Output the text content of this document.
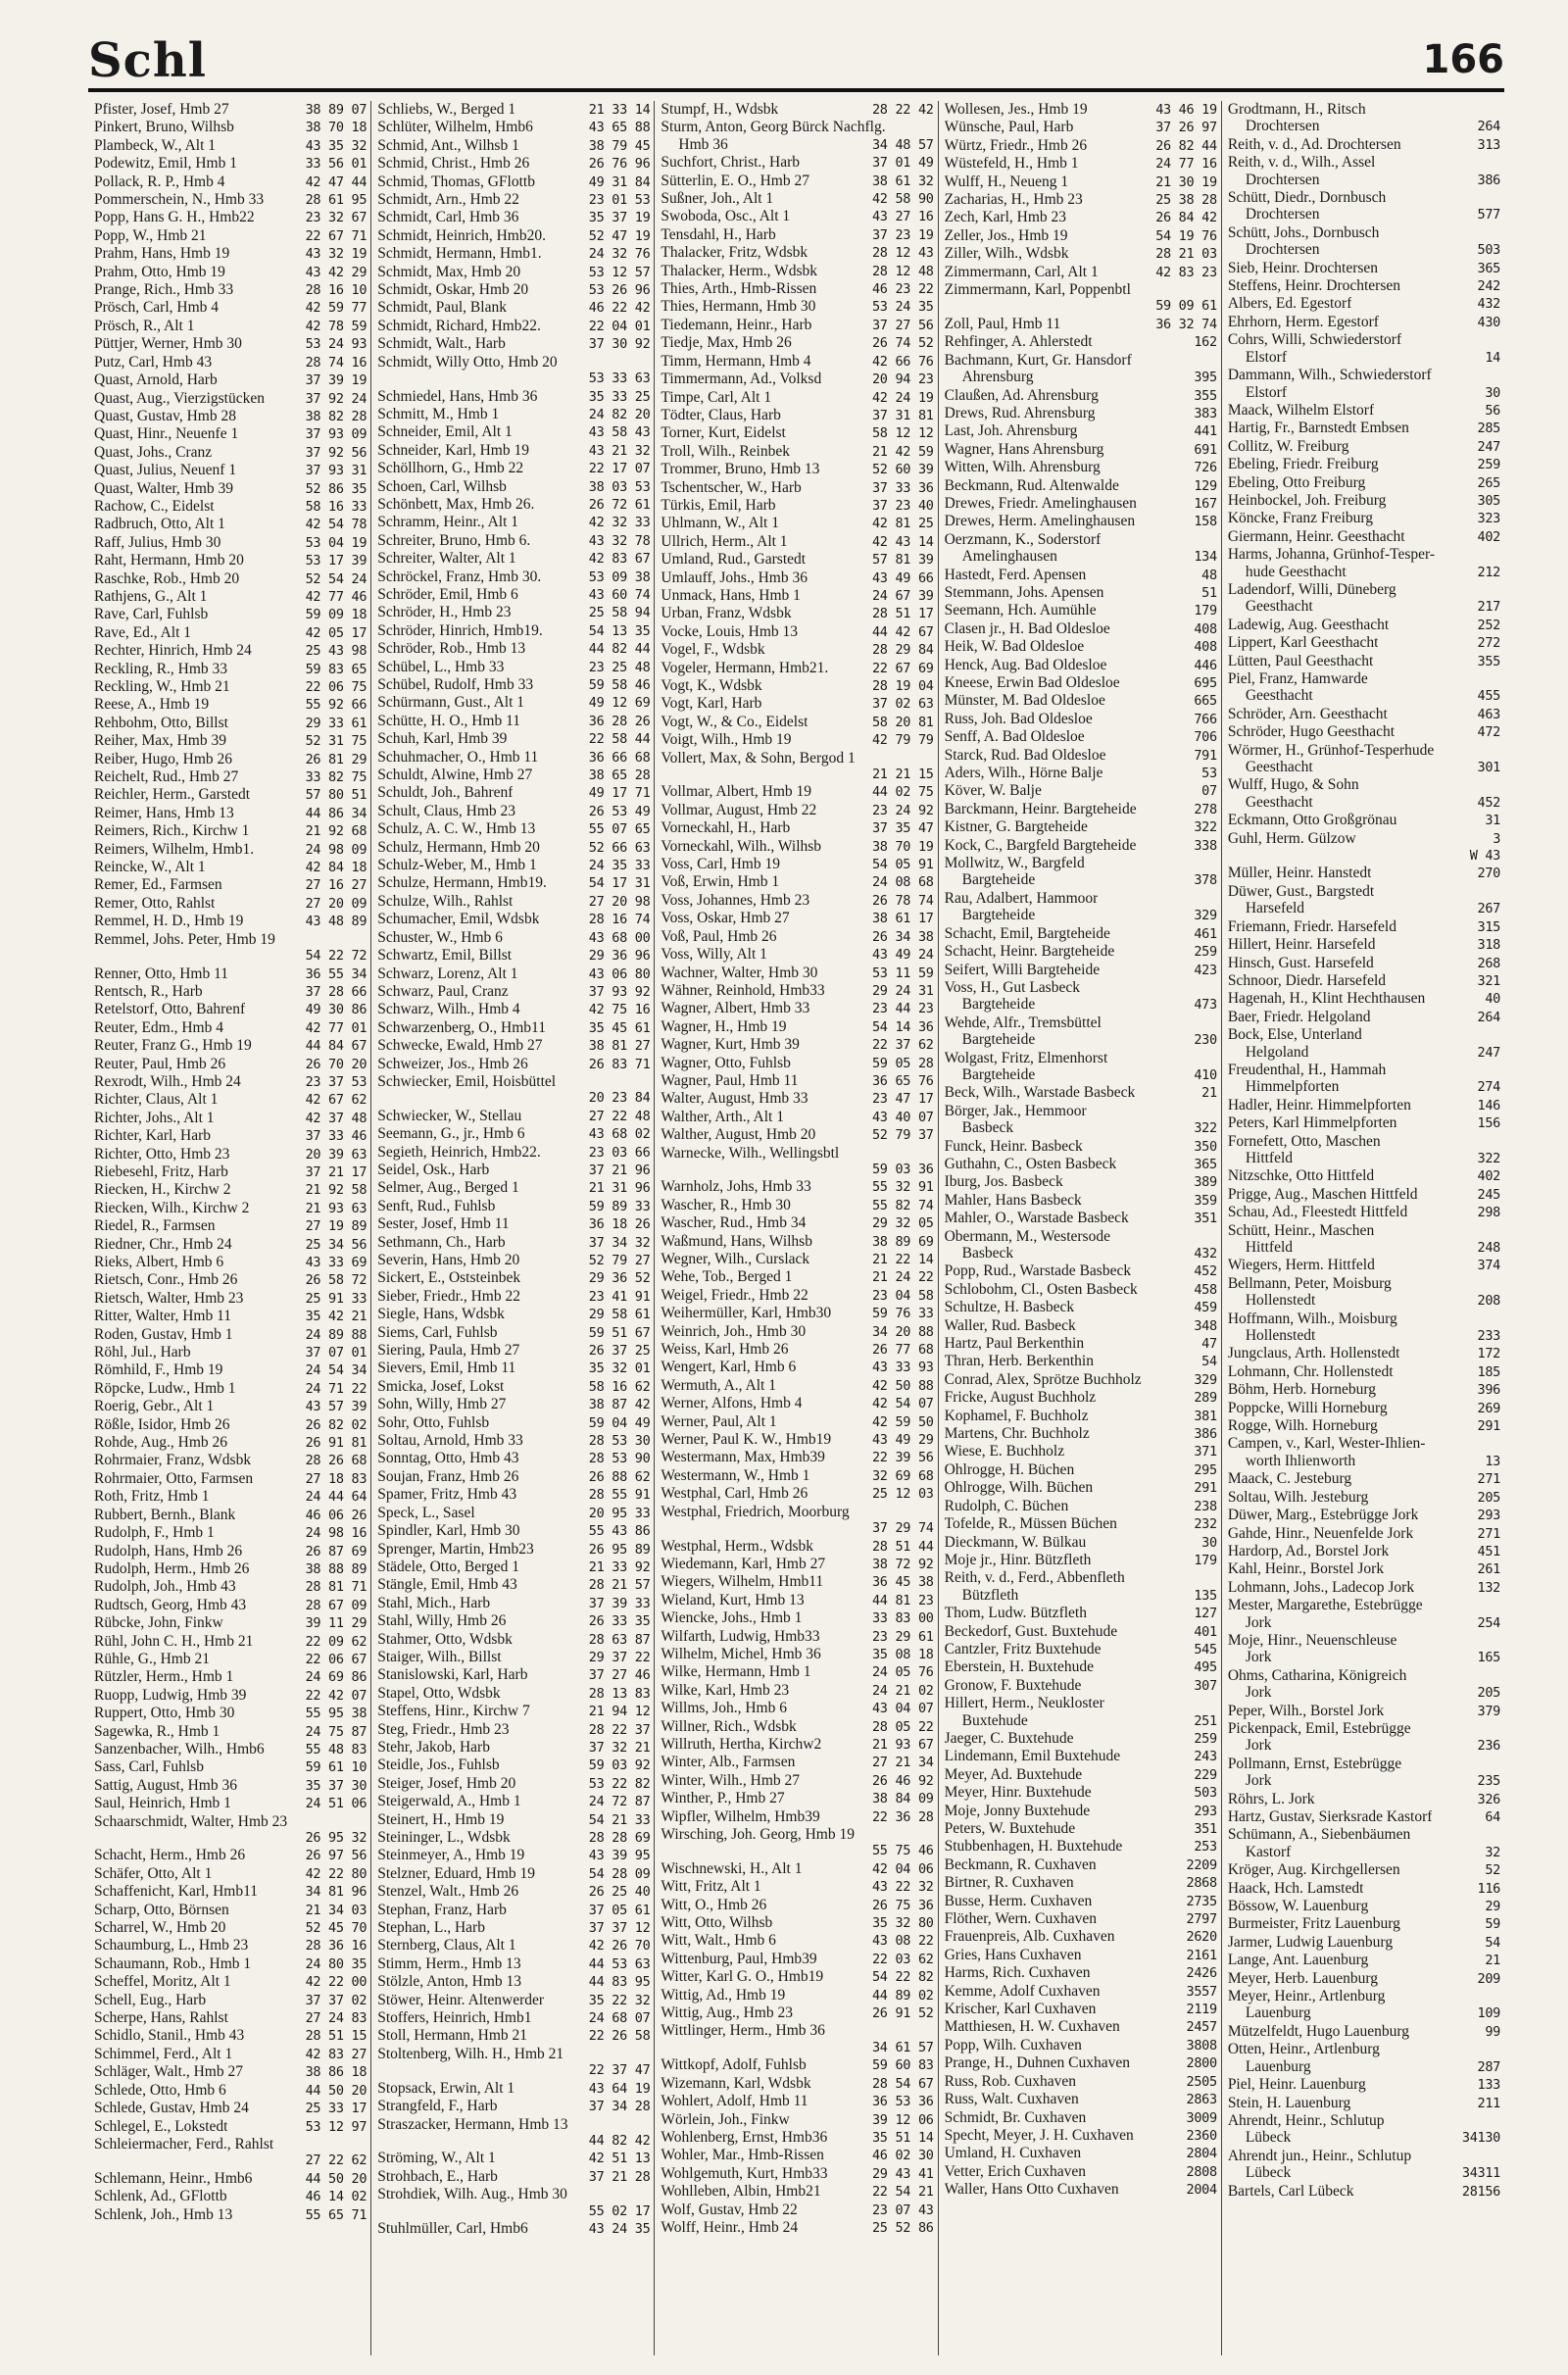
Schl	166
Pfister, Josef, Hmb 27	38 89 07
Pinkert, Bruno, Wilhsb	38 70 18
Plambeck, W., Alt 1	43 35 32
Podewitz, Emil, Hmb 1	33 56 01
Pollack, R. P., Hmb 4	42 47 44
Pommerschein, N., Hmb 33	28 61 95
Popp, Hans G. H., Hmb22	23 32 67
Popp, W., Hmb 21	22 67 71
Prahm, Hans, Hmb 19	43 32 19
Prahm, Otto, Hmb 19	43 42 29
Prange, Rich., Hmb 33	28 16 10
Prösch, Carl, Hmb 4	42 59 77
Prösch, R., Alt 1	42 78 59
Püttjer, Werner, Hmb 30	53 24 93
Putz, Carl, Hmb 43	28 74 16
Quast, Arnold, Harb	37 39 19
Quast, Aug., Vierzigstücken	37 92 24
Quast, Gustav, Hmb 28	38 82 28
Quast, Hinr., Neuenfe 1	37 93 09
Quast, Johs., Cranz	37 92 56
Quast, Julius, Neuenf 1	37 93 31
Quast, Walter, Hmb 39	52 86 35
Rachow, C., Eidelst	58 16 33
Radbruch, Otto, Alt 1	42 54 78
Raff, Julius, Hmb 30	53 04 19
Raht, Hermann, Hmb 20	53 17 39
Raschke, Rob., Hmb 20	52 54 24
Rathjens, G., Alt 1	42 77 46
Rave, Carl, Fuhlsb	59 09 18
Rave, Ed., Alt 1	42 05 17
Rechter, Hinrich, Hmb 24	25 43 98
Reckling, R., Hmb 33	59 83 65
Reckling, W., Hmb 21	22 06 75
Reese, A., Hmb 19	55 92 66
Rehbohm, Otto, Billst	29 33 61
Reiher, Max, Hmb 39	52 31 75
Reiber, Hugo, Hmb 26	26 81 29
Reichelt, Rud., Hmb 27	33 82 75
Reichler, Herm., Garstedt	57 80 51
Reimer, Hans, Hmb 13	44 86 34
Reimers, Rich., Kirchw 1	21 92 68
Reimers, Wilhelm, Hmb1.	24 98 09
Reincke, W., Alt 1	42 84 18
Remer, Ed., Farmsen	27 16 27
Remer, Otto, Rahlst	27 20 09
Remmel, H. D., Hmb 19	43 48 89
Remmel, Johs. Peter, Hmb 19
54 22 72
Renner, Otto, Hmb 11	36 55 34
Rentsch, R., Harb	37 28 66
Retelstorf, Otto, Bahrenf	49 30 86
Reuter, Edm., Hmb 4	42 77 01
Reuter, Franz G., Hmb 19	44 84 67
Reuter, Paul, Hmb 26	26 70 20
Rexrodt, Wilh., Hmb 24	23 37 53
Richter, Claus, Alt 1	42 67 62
Richter, Johs., Alt 1	42 37 48
Richter, Karl, Harb	37 33 46
Richter, Otto, Hmb 23	20 39 63
Riebesehl, Fritz, Harb	37 21 17
Riecken, H., Kirchw 2	21 92 58
Riecken, Wilh., Kirchw 2	21 93 63
Riedel, R., Farmsen	27 19 89
Riedner, Chr., Hmb 24	25 34 56
Rieks, Albert, Hmb 6	43 33 69
Rietsch, Conr., Hmb 26	26 58 72
Rietsch, Walter, Hmb 23	25 91 33
Ritter, Walter, Hmb 11	35 42 21
Roden, Gustav, Hmb 1	24 89 88
Röhl, Jul., Harb	37 07 01
Römhild, F., Hmb 19	24 54 34
Röpcke, Ludw., Hmb 1	24 71 22
Roerig, Gebr., Alt 1	43 57 39
Rößle, Isidor, Hmb 26	26 82 02
Rohde, Aug., Hmb 26	26 91 81
Rohrmaier, Franz, Wdsbk	28 26 68
Rohrmaier, Otto, Farmsen	27 18 83
Roth, Fritz, Hmb 1	24 44 64
Rubbert, Bernh., Blank	46 06 26
Rudolph, F., Hmb 1	24 98 16
Rudolph, Hans, Hmb 26	26 87 69
Rudolph, Herm., Hmb 26	38 88 89
Rudolph, Joh., Hmb 43	28 81 71
Rudtsch, Georg, Hmb 43	28 67 09
Rübcke, John, Finkw	39 11 29
Rühl, John C. H., Hmb 21	22 09 62
Rühle, G., Hmb 21	22 06 67
Rützler, Herm., Hmb 1	24 69 86
Ruopp, Ludwig, Hmb 39	22 42 07
Ruppert, Otto, Hmb 30	55 95 38
Sagewka, R., Hmb 1	24 75 87
Sanzenbacher, Wilh., Hmb6	55 48 83
Sass, Carl, Fuhlsb	59 61 10
Sattig, August, Hmb 36	35 37 30
Saul, Heinrich, Hmb 1	24 51 06
Schaarschmidt, Walter, Hmb 23
26 95 32
Schacht, Herm., Hmb 26	26 97 56
Schäfer, Otto, Alt 1	42 22 80
Schaffenicht, Karl, Hmb11	34 81 96
Scharp, Otto, Börnsen	21 34 03
Scharrel, W., Hmb 20	52 45 70
Schaumburg, L., Hmb 23	28 36 16
Schaumann, Rob., Hmb 1	24 80 35
Scheffel, Moritz, Alt 1	42 22 00
Schell, Eug., Harb	37 37 02
Scherpe, Hans, Rahlst	27 24 83
Schidlo, Stanil., Hmb 43	28 51 15
Schimmel, Ferd., Alt 1	42 83 27
Schläger, Walt., Hmb 27	38 86 18
Schlede, Otto, Hmb 6	44 50 20
Schlede, Gustav, Hmb 24	25 33 17
Schlegel, E., Lokstedt	53 12 97
Schleiermacher, Ferd., Rahlst
27 22 62
Schlemann, Heinr., Hmb6	44 50 20
Schlenk, Ad., GFlottb	46 14 02
Schlenk, Joh., Hmb 13	55 65 71
Schliebs, W., Berged 1	21 33 14
Schlüter, Wilhelm, Hmb6	43 65 88
Schmid, Ant., Wilhsb 1	38 79 45
Schmid, Christ., Hmb 26	26 76 96
Schmid, Thomas, GFlottb	49 31 84
Schmidt, Arn., Hmb 22	23 01 53
Schmidt, Carl, Hmb 36	35 37 19
Schmidt, Heinrich, Hmb20.	52 47 19
Schmidt, Hermann, Hmb1.	24 32 76
Schmidt, Max, Hmb 20	53 12 57
Schmidt, Oskar, Hmb 20	53 26 96
Schmidt, Paul, Blank	46 22 42
Schmidt, Richard, Hmb22.	22 04 01
Schmidt, Walt., Harb	37 30 92
Schmidt, Willy Otto, Hmb 20
53 33 63
Schmiedel, Hans, Hmb 36	35 33 25
Schmitt, M., Hmb 1	24 82 20
Schneider, Emil, Alt 1	43 58 43
Schneider, Karl, Hmb 19	43 21 32
Schöllhorn, G., Hmb 22	22 17 07
Schoen, Carl, Wilhsb	38 03 53
Schönbett, Max, Hmb 26.	26 72 61
Schramm, Heinr., Alt 1	42 32 33
Schreiter, Bruno, Hmb 6.	43 32 78
Schreiter, Walter, Alt 1	42 83 67
Schröckel, Franz, Hmb 30.	53 09 38
Schröder, Emil, Hmb 6	43 60 74
Schröder, H., Hmb 23	25 58 94
Schröder, Hinrich, Hmb19.	54 13 35
Schröder, Rob., Hmb 13	44 82 44
Schübel, L., Hmb 33	23 25 48
Schübel, Rudolf, Hmb 33	59 58 46
Schürmann, Gust., Alt 1	49 12 69
Schütte, H. O., Hmb 11	36 28 26
Schuh, Karl, Hmb 39	22 58 44
Schuhmacher, O., Hmb 11	36 66 68
Schuldt, Alwine, Hmb 27	38 65 28
Schuldt, Joh., Bahrenf	49 17 71
Schult, Claus, Hmb 23	26 53 49
Schulz, A. C. W., Hmb 13	55 07 65
Schulz, Hermann, Hmb 20	52 66 63
Schulz-Weber, M., Hmb 1	24 35 33
Schulze, Hermann, Hmb19.	54 17 31
Schulze, Wilh., Rahlst	27 20 98
Schumacher, Emil, Wdsbk	28 16 74
Schuster, W., Hmb 6	43 68 00
Schwartz, Emil, Billst	29 36 96
Schwarz, Lorenz, Alt 1	43 06 80
Schwarz, Paul, Cranz	37 93 92
Schwarz, Wilh., Hmb 4	42 75 16
Schwarzenberg, O., Hmb11	35 45 61
Schwecke, Ewald, Hmb 27	38 81 27
Schweizer, Jos., Hmb 26	26 83 71
Schwiecker, Emil, Hoisbüttel
20 23 84
Schwiecker, W., Stellau	27 22 48
Seemann, G., jr., Hmb 6	43 68 02
Segieth, Heinrich, Hmb22.	23 03 66
Seidel, Osk., Harb	37 21 96
Selmer, Aug., Berged 1	21 31 96
Senft, Rud., Fuhlsb	59 89 33
Sester, Josef, Hmb 11	36 18 26
Sethmann, Ch., Harb	37 34 32
Severin, Hans, Hmb 20	52 79 27
Sickert, E., Oststeinbek	29 36 52
Sieber, Friedr., Hmb 22	23 41 91
Siegle, Hans, Wdsbk	29 58 61
Siems, Carl, Fuhlsb	59 51 67
Siering, Paula, Hmb 27	26 37 25
Sievers, Emil, Hmb 11	35 32 01
Smicka, Josef, Lokst	58 16 62
Sohn, Willy, Hmb 27	38 87 42
Sohr, Otto, Fuhlsb	59 04 49
Soltau, Arnold, Hmb 33	28 53 30
Sonntag, Otto, Hmb 43	28 53 90
Soujan, Franz, Hmb 26	26 88 62
Spamer, Fritz, Hmb 43	28 55 91
Speck, L., Sasel	20 95 33
Spindler, Karl, Hmb 30	55 43 86
Sprenger, Martin, Hmb23	26 95 89
Städele, Otto, Berged 1	21 33 92
Stängle, Emil, Hmb 43	28 21 57
Stahl, Mich., Harb	37 39 33
Stahl, Willy, Hmb 26	26 33 35
Stahmer, Otto, Wdsbk	28 63 87
Staiger, Wilh., Billst	29 37 22
Stanislowski, Karl, Harb	37 27 46
Stapel, Otto, Wdsbk	28 13 83
Steffens, Hinr., Kirchw 7	21 94 12
Steg, Friedr., Hmb 23	28 22 37
Stehr, Jakob, Harb	37 32 21
Steidle, Jos., Fuhlsb	59 03 92
Steiger, Josef, Hmb 20	53 22 82
Steigerwald, A., Hmb 1	24 72 87
Steinert, H., Hmb 19	54 21 33
Steininger, L., Wdsbk	28 28 69
Steinmeyer, A., Hmb 19	43 39 95
Stelzner, Eduard, Hmb 19	54 28 09
Stenzel, Walt., Hmb 26	26 25 40
Stephan, Franz, Harb	37 05 61
Stephan, L., Harb	37 37 12
Sternberg, Claus, Alt 1	42 26 70
Stimm, Herm., Hmb 13	44 53 63
Stölzle, Anton, Hmb 13	44 83 95
Stöwer, Heinr. Altenwerder	35 22 32
Stoffers, Heinrich, Hmb1	24 68 07
Stoll, Hermann, Hmb 21	22 26 58
Stoltenberg, Wilh. H., Hmb 21
22 37 47
Stopsack, Erwin, Alt 1	43 64 19
Strangfeld, F., Harb	37 34 28
Straszacker, Hermann, Hmb 13
44 82 42
Ströming, W., Alt 1	42 51 13
Strohbach, E., Harb	37 21 28
Strohdiek, Wilh. Aug., Hmb 30
55 02 17
Stuhlmüller, Carl, Hmb6	43 24 35
Stumpf, H., Wdsbk	28 22 42
Sturm, Anton, Georg Bürck Nachflg.
Hmb 36	34 48 57
Suchfort, Christ., Harb	37 01 49
Sütterlin, E. O., Hmb 27	38 61 32
Sußner, Joh., Alt 1	42 58 90
Swoboda, Osc., Alt 1	43 27 16
Tensdahl, H., Harb	37 23 19
Thalacker, Fritz, Wdsbk	28 12 43
Thalacker, Herm., Wdsbk	28 12 48
Thies, Arth., Hmb-Rissen	46 23 22
Thies, Hermann, Hmb 30	53 24 35
Tiedemann, Heinr., Harb	37 27 56
Tiedje, Max, Hmb 26	26 74 52
Timm, Hermann, Hmb 4	42 66 76
Timmermann, Ad., Volksd	20 94 23
Timpe, Carl, Alt 1	42 24 19
Tödter, Claus, Harb	37 31 81
Torner, Kurt, Eidelst	58 12 12
Troll, Wilh., Reinbek	21 42 59
Trommer, Bruno, Hmb 13	52 60 39
Tschentscher, W., Harb	37 33 36
Türkis, Emil, Harb	37 23 40
Uhlmann, W., Alt 1	42 81 25
Ullrich, Herm., Alt 1	42 43 14
Umland, Rud., Garstedt	57 81 39
Umlauff, Johs., Hmb 36	43 49 66
Unmack, Hans, Hmb 1	24 67 39
Urban, Franz, Wdsbk	28 51 17
Vocke, Louis, Hmb 13	44 42 67
Vogel, F., Wdsbk	28 29 84
Vogeler, Hermann, Hmb21.	22 67 69
Vogt, K., Wdsbk	28 19 04
Vogt, Karl, Harb	37 02 63
Vogt, W., & Co., Eidelst	58 20 81
Voigt, Wilh., Hmb 19	42 79 79
Vollert, Max, & Sohn, Bergod 1
21 21 15
Vollmar, Albert, Hmb 19	44 02 75
Vollmar, August, Hmb 22	23 24 92
Vorneckahl, H., Harb	37 35 47
Vorneckahl, Wilh., Wilhsb	38 70 19
Voss, Carl, Hmb 19	54 05 91
Voß, Erwin, Hmb 1	24 08 68
Voss, Johannes, Hmb 23	26 78 74
Voss, Oskar, Hmb 27	38 61 17
Voß, Paul, Hmb 26	26 34 38
Voss, Willy, Alt 1	43 49 24
Wachner, Walter, Hmb 30	53 11 59
Wähner, Reinhold, Hmb33	29 24 31
Wagner, Albert, Hmb 33	23 44 23
Wagner, H., Hmb 19	54 14 36
Wagner, Kurt, Hmb 39	22 37 62
Wagner, Otto, Fuhlsb	59 05 28
Wagner, Paul, Hmb 11	36 65 76
Walter, August, Hmb 33	23 47 17
Walther, Arth., Alt 1	43 40 07
Walther, August, Hmb 20	52 79 37
Warnecke, Wilh., Wellingsbtl
59 03 36
Warnholz, Johs, Hmb 33	55 32 91
Wascher, R., Hmb 30	55 82 74
Wascher, Rud., Hmb 34	29 32 05
Waßmund, Hans, Wilhsb	38 89 69
Wegner, Wilh., Curslack	21 22 14
Wehe, Tob., Berged 1	21 24 22
Weigel, Friedr., Hmb 22	23 04 58
Weihermüller, Karl, Hmb30	59 76 33
Weinrich, Joh., Hmb 30	34 20 88
Weiss, Karl, Hmb 26	26 77 68
Wengert, Karl, Hmb 6	43 33 93
Wermuth, A., Alt 1	42 50 88
Werner, Alfons, Hmb 4	42 54 07
Werner, Paul, Alt 1	42 59 50
Werner, Paul K. W., Hmb19	43 49 29
Westermann, Max, Hmb39	22 39 56
Westermann, W., Hmb 1	32 69 68
Westphal, Carl, Hmb 26	25 12 03
Westphal, Friedrich, Moorburg
37 29 74
Westphal, Herm., Wdsbk	28 51 44
Wiedemann, Karl, Hmb 27	38 72 92
Wiegers, Wilhelm, Hmb11	36 45 38
Wieland, Kurt, Hmb 13	44 81 23
Wiencke, Johs., Hmb 1	33 83 00
Wilfarth, Ludwig, Hmb33	23 29 61
Wilhelm, Michel, Hmb 36	35 08 18
Wilke, Hermann, Hmb 1	24 05 76
Wilke, Karl, Hmb 23	24 21 02
Willms, Joh., Hmb 6	43 04 07
Willner, Rich., Wdsbk	28 05 22
Willruth, Hertha, Kirchw2	21 93 67
Winter, Alb., Farmsen	27 21 34
Winter, Wilh., Hmb 27	26 46 92
Winther, P., Hmb 27	38 84 09
Wipfler, Wilhelm, Hmb39	22 36 28
Wirsching, Joh. Georg, Hmb 19
55 75 46
Wischnewski, H., Alt 1	42 04 06
Witt, Fritz, Alt 1	43 22 32
Witt, O., Hmb 26	26 75 36
Witt, Otto, Wilhsb	35 32 80
Witt, Walt., Hmb 6	43 08 22
Wittenburg, Paul, Hmb39	22 03 62
Witter, Karl G. O., Hmb19	54 22 82
Wittig, Ad., Hmb 19	44 89 02
Wittig, Aug., Hmb 23	26 91 52
Wittlinger, Herm., Hmb 36
34 61 57
Wittkopf, Adolf, Fuhlsb	59 60 83
Wizemann, Karl, Wdsbk	28 54 67
Wohlert, Adolf, Hmb 11	36 53 36
Wörlein, Joh., Finkw	39 12 06
Wohlenberg, Ernst, Hmb36	35 51 14
Wohler, Mar., Hmb-Rissen	46 02 30
Wohlgemuth, Kurt, Hmb33	29 43 41
Wohlleben, Albin, Hmb21	22 54 21
Wolf, Gustav, Hmb 22	23 07 43
Wolff, Heinr., Hmb 24	25 52 86
Wollesen, Jes., Hmb 19	43 46 19
Wünsche, Paul, Harb	37 26 97
Würtz, Friedr., Hmb 26	26 82 44
Wüstefeld, H., Hmb 1	24 77 16
Wulff, H., Neueng 1	21 30 19
Zacharias, H., Hmb 23	25 38 28
Zech, Karl, Hmb 23	26 84 42
Zeller, Jos., Hmb 19	54 19 76
Ziller, Wilh., Wdsbk	28 21 03
Zimmermann, Carl, Alt 1	42 83 23
Zimmermann, Karl, Poppenbtl
59 09 61
Zoll, Paul, Hmb 11	36 32 74
Rehfinger, A. Ahlerstedt	162
Bachmann, Kurt, Gr. Hansdorf
Ahrensburg	395
Claußen, Ad. Ahrensburg	355
Drews, Rud. Ahrensburg	383
Last, Joh. Ahrensburg	441
Wagner, Hans Ahrensburg	691
Witten, Wilh. Ahrensburg	726
Beckmann, Rud. Altenwalde	129
Drewes, Friedr. Amelinghausen	167
Drewes, Herm. Amelinghausen	158
Oerzmann, K., Soderstorf
Amelinghausen	134
Hastedt, Ferd. Apensen	48
Stemmann, Johs. Apensen	51
Seemann, Hch. Aumühle	179
Clasen jr., H. Bad Oldesloe	408
Heik, W. Bad Oldesloe	408
Henck, Aug. Bad Oldesloe	446
Kneese, Erwin Bad Oldesloe	695
Münster, M. Bad Oldesloe	665
Russ, Joh. Bad Oldesloe	766
Senff, A. Bad Oldesloe	706
Starck, Rud. Bad Oldesloe	791
Aders, Wilh., Hörne Balje	53
Köver, W. Balje	07
Barckmann, Heinr. Bargteheide	278
Kistner, G. Bargteheide	322
Kock, C., Bargfeld Bargteheide	338
Mollwitz, W., Bargfeld
Bargteheide	378
Rau, Adalbert, Hammoor
Bargteheide	329
Schacht, Emil, Bargteheide	461
Schacht, Heinr. Bargteheide	259
Seifert, Willi Bargteheide	423
Voss, H., Gut Lasbeck
Bargteheide	473
Wehde, Alfr., Tremsbüttel
Bargteheide	230
Wolgast, Fritz, Elmenhorst
Bargteheide	410
Beck, Wilh., Warstade Basbeck	21
Börger, Jak., Hemmoor
Basbeck	322
Funck, Heinr. Basbeck	350
Guthahn, C., Osten Basbeck	365
Iburg, Jos. Basbeck	389
Mahler, Hans Basbeck	359
Mahler, O., Warstade Basbeck	351
Obermann, M., Westersode
Basbeck	432
Popp, Rud., Warstade Basbeck	452
Schlobohm, Cl., Osten Basbeck	458
Schultze, H. Basbeck	459
Waller, Rud. Basbeck	348
Hartz, Paul Berkenthin	47
Thran, Herb. Berkenthin	54
Conrad, Alex, Sprötze Buchholz	329
Fricke, August Buchholz	289
Kophamel, F. Buchholz	381
Martens, Chr. Buchholz	386
Wiese, E. Buchholz	371
Ohlrogge, H. Büchen	295
Ohlrogge, Wilh. Büchen	291
Rudolph, C. Büchen	238
Tofelde, R., Müssen Büchen	232
Dieckmann, W. Bülkau	30
Moje jr., Hinr. Bützfleth	179
Reith, v. d., Ferd., Abbenfleth
Bützfleth	135
Thom, Ludw. Bützfleth	127
Beckedorf, Gust. Buxtehude	401
Cantzler, Fritz Buxtehude	545
Eberstein, H. Buxtehude	495
Gronow, F. Buxtehude	307
Hillert, Herm., Neukloster
Buxtehude	251
Jaeger, C. Buxtehude	259
Lindemann, Emil Buxtehude	243
Meyer, Ad. Buxtehude	229
Meyer, Hinr. Buxtehude	503
Moje, Jonny Buxtehude	293
Peters, W. Buxtehude	351
Stubbenhagen, H. Buxtehude	253
Beckmann, R. Cuxhaven	2209
Birtner, R. Cuxhaven	2868
Busse, Herm. Cuxhaven	2735
Flöther, Wern. Cuxhaven	2797
Frauenpreis, Alb. Cuxhaven	2620
Gries, Hans Cuxhaven	2161
Harms, Rich. Cuxhaven	2426
Kemme, Adolf Cuxhaven	3557
Krischer, Karl Cuxhaven	2119
Matthiesen, H. W. Cuxhaven	2457
Popp, Wilh. Cuxhaven	3808
Prange, H., Duhnen Cuxhaven	2800
Russ, Rob. Cuxhaven	2505
Russ, Walt. Cuxhaven	2863
Schmidt, Br. Cuxhaven	3009
Specht, Meyer, J. H. Cuxhaven	2360
Umland, H. Cuxhaven	2804
Vetter, Erich Cuxhaven	2808
Waller, Hans Otto Cuxhaven	2004
Grodtmann, H., Ritsch
Drochtersen	264
Reith, v. d., Ad. Drochtersen	313
Reith, v. d., Wilh., Assel
Drochtersen	386
Schütt, Diedr., Dornbusch
Drochtersen	577
Schütt, Johs., Dornbusch
Drochtersen	503
Sieb, Heinr. Drochtersen	365
Steffens, Heinr. Drochtersen	242
Albers, Ed. Egestorf	432
Ehrhorn, Herm. Egestorf	430
Cohrs, Willi, Schwiederstorf
Elstorf	14
Dammann, Wilh., Schwiederstorf
Elstorf	30
Maack, Wilhelm Elstorf	56
Hartig, Fr., Barnstedt Embsen	285
Collitz, W. Freiburg	247
Ebeling, Friedr. Freiburg	259
Ebeling, Otto Freiburg	265
Heinbockel, Joh. Freiburg	305
Köncke, Franz Freiburg	323
Giermann, Heinr. Geesthacht	402
Harms, Johanna, Grünhof-Tesper-
hude Geesthacht	212
Ladendorf, Willi, Düneberg
Geesthacht	217
Ladewig, Aug. Geesthacht	252
Lippert, Karl Geesthacht	272
Lütten, Paul Geesthacht	355
Piel, Franz, Hamwarde
Geesthacht	455
Schröder, Arn. Geesthacht	463
Schröder, Hugo Geesthacht	472
Wörmer, H., Grünhof-Tesperhude
Geesthacht	301
Wulff, Hugo, & Sohn
Geesthacht	452
Eckmann, Otto Großgrönau	31
Guhl, Herm. Gülzow	3
W 43
Müller, Heinr. Hanstedt	270
Düwer, Gust., Bargstedt
Harsefeld	267
Friemann, Friedr. Harsefeld	315
Hillert, Heinr. Harsefeld	318
Hinsch, Gust. Harsefeld	268
Schnoor, Diedr. Harsefeld	321
Hagenah, H., Klint Hechthausen	40
Baer, Friedr. Helgoland	264
Bock, Else, Unterland
Helgoland	247
Freudenthal, H., Hammah
Himmelpforten	274
Hadler, Heinr. Himmelpforten	146
Peters, Karl Himmelpforten	156
Fornefett, Otto, Maschen
Hittfeld	322
Nitzschke, Otto Hittfeld	402
Prigge, Aug., Maschen Hittfeld	245
Schau, Ad., Fleestedt Hittfeld	298
Schütt, Heinr., Maschen
Hittfeld	248
Wiegers, Herm. Hittfeld	374
Bellmann, Peter, Moisburg
Hollenstedt	208
Hoffmann, Wilh., Moisburg
Hollenstedt	233
Jungclaus, Arth. Hollenstedt	172
Lohmann, Chr. Hollenstedt	185
Böhm, Herb. Horneburg	396
Poppcke, Willi Horneburg	269
Rogge, Wilh. Horneburg	291
Campen, v., Karl, Wester-Ihlien-
worth Ihlienworth	13
Maack, C. Jesteburg	271
Soltau, Wilh. Jesteburg	205
Düwer, Marg., Estebrügge Jork	293
Gahde, Hinr., Neuenfelde Jork	271
Hardorp, Ad., Borstel Jork	451
Kahl, Heinr., Borstel Jork	261
Lohmann, Johs., Ladecop Jork	132
Mester, Margarethe, Estebrügge
Jork	254
Moje, Hinr., Neuenschleuse
Jork	165
Ohms, Catharina, Königreich
Jork	205
Peper, Wilh., Borstel Jork	379
Pickenpack, Emil, Estebrügge
Jork	236
Pollmann, Ernst, Estebrügge
Jork	235
Röhrs, L. Jork	326
Hartz, Gustav, Sierksrade Kastorf	64
Schümann, A., Siebenbäumen
Kastorf	32
Kröger, Aug. Kirchgellersen	52
Haack, Hch. Lamstedt	116
Bössow, W. Lauenburg	29
Burmeister, Fritz Lauenburg	59
Jarmer, Ludwig Lauenburg	54
Lange, Ant. Lauenburg	21
Meyer, Herb. Lauenburg	209
Meyer, Heinr., Artlenburg
Lauenburg	109
Mützelfeldt, Hugo Lauenburg	99
Otten, Heinr., Artlenburg
Lauenburg	287
Piel, Heinr. Lauenburg	133
Stein, H. Lauenburg	211
Ahrendt, Heinr., Schlutup
Lübeck	34130
Ahrendt jun., Heinr., Schlutup
Lübeck	34311
Bartels, Carl Lübeck	28156
